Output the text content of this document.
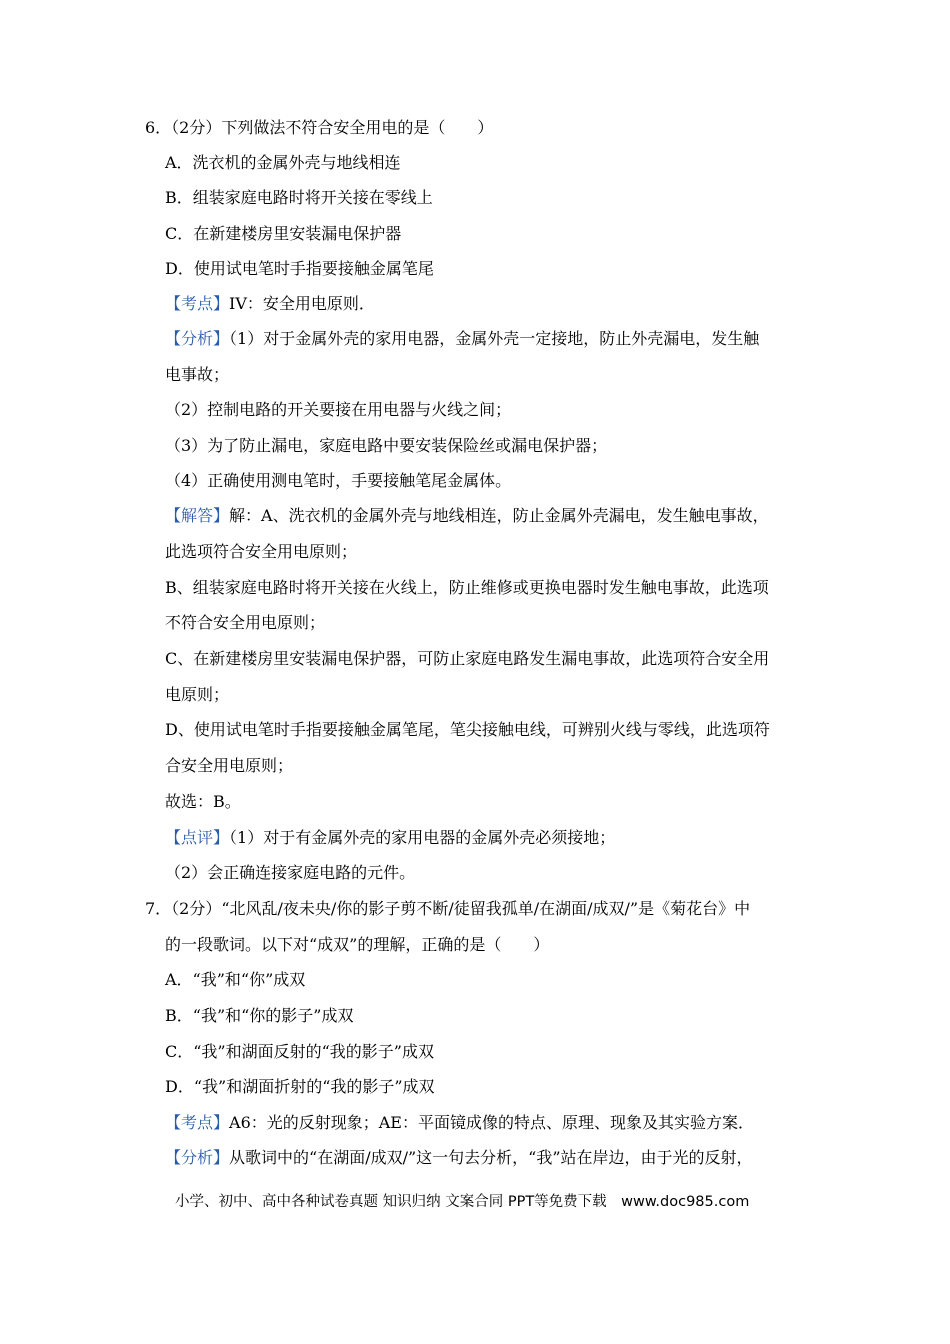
6．（2分）下列做法不符合安全用电的是（　　）
A．洗衣机的金属外壳与地线相连
B．组装家庭电路时将开关接在零线上
C．在新建楼房里安装漏电保护器
D．使用试电笔时手指要接触金属笔尾
【考点】IV：安全用电原则．
【分析】（1）对于金属外壳的家用电器，金属外壳一定接地，防止外壳漏电，发生触
电事故；
（2）控制电路的开关要接在用电器与火线之间；
（3）为了防止漏电，家庭电路中要安装保险丝或漏电保护器；
（4）正确使用测电笔时，手要接触笔尾金属体。
【解答】解：A、洗衣机的金属外壳与地线相连，防止金属外壳漏电，发生触电事故，
此选项符合安全用电原则；
B、组装家庭电路时将开关接在火线上，防止维修或更换电器时发生触电事故，此选项
不符合安全用电原则；
C、在新建楼房里安装漏电保护器，可防止家庭电路发生漏电事故，此选项符合安全用
电原则；
D、使用试电笔时手指要接触金属笔尾，笔尖接触电线，可辨别火线与零线，此选项符
合安全用电原则；
故选：B。
【点评】（1）对于有金属外壳的家用电器的金属外壳必须接地；
（2）会正确连接家庭电路的元件。
7．（2分）“北风乱/夜未央/你的影子剪不断/徒留我孤单/在湖面/成双/”是《菊花台》中
的一段歌词。以下对“成双”的理解，正确的是（　　）
A．“我”和“你”成双
B．“我”和“你的影子”成双
C．“我”和湖面反射的“我的影子”成双
D．“我”和湖面折射的“我的影子”成双
【考点】A6：光的反射现象；AE：平面镜成像的特点、原理、现象及其实验方案．
【分析】从歌词中的“在湖面/成双/”这一句去分析，“我”站在岸边，由于光的反射，
小学、初中、高中各种试卷真题 知识归纳 文案合同 PPT等免费下载　www.doc985.com
